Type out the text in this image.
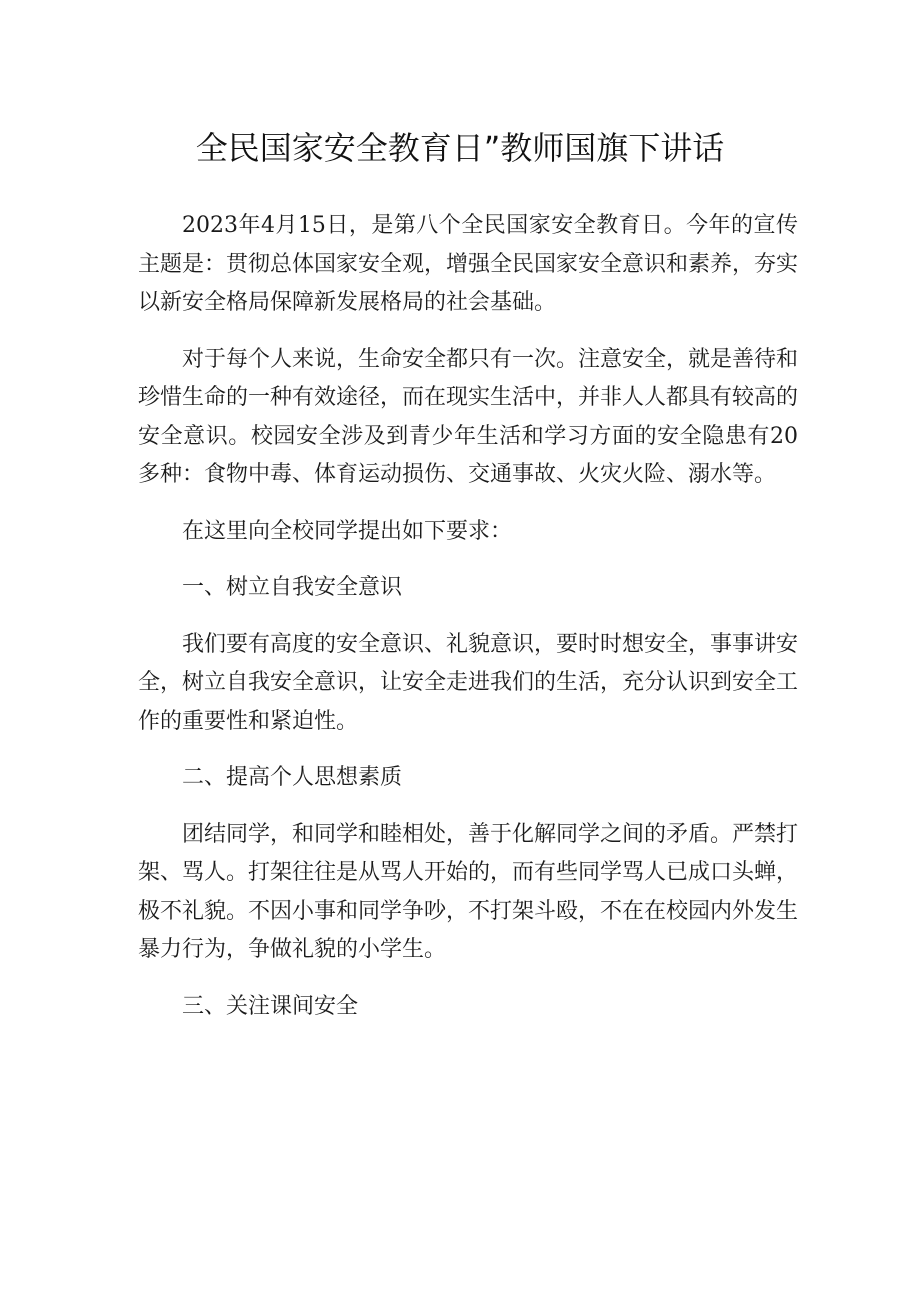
全民国家安全教育日”教师国旗下讲话

2023年4月15日，是第八个全民国家安全教育日。今年的宣传主题是：贯彻总体国家安全观，增强全民国家安全意识和素养，夯实以新安全格局保障新发展格局的社会基础。

对于每个人来说，生命安全都只有一次。注意安全，就是善待和珍惜生命的一种有效途径，而在现实生活中，并非人人都具有较高的安全意识。校园安全涉及到青少年生活和学习方面的安全隐患有20多种：食物中毒、体育运动损伤、交通事故、火灾火险、溺水等。

在这里向全校同学提出如下要求：

一、树立自我安全意识

我们要有高度的安全意识、礼貌意识，要时时想安全，事事讲安全，树立自我安全意识，让安全走进我们的生活，充分认识到安全工作的重要性和紧迫性。

二、提高个人思想素质

团结同学，和同学和睦相处，善于化解同学之间的矛盾。严禁打架、骂人。打架往往是从骂人开始的，而有些同学骂人已成口头蝉，极不礼貌。不因小事和同学争吵，不打架斗殴，不在在校园内外发生暴力行为，争做礼貌的小学生。

三、关注课间安全
